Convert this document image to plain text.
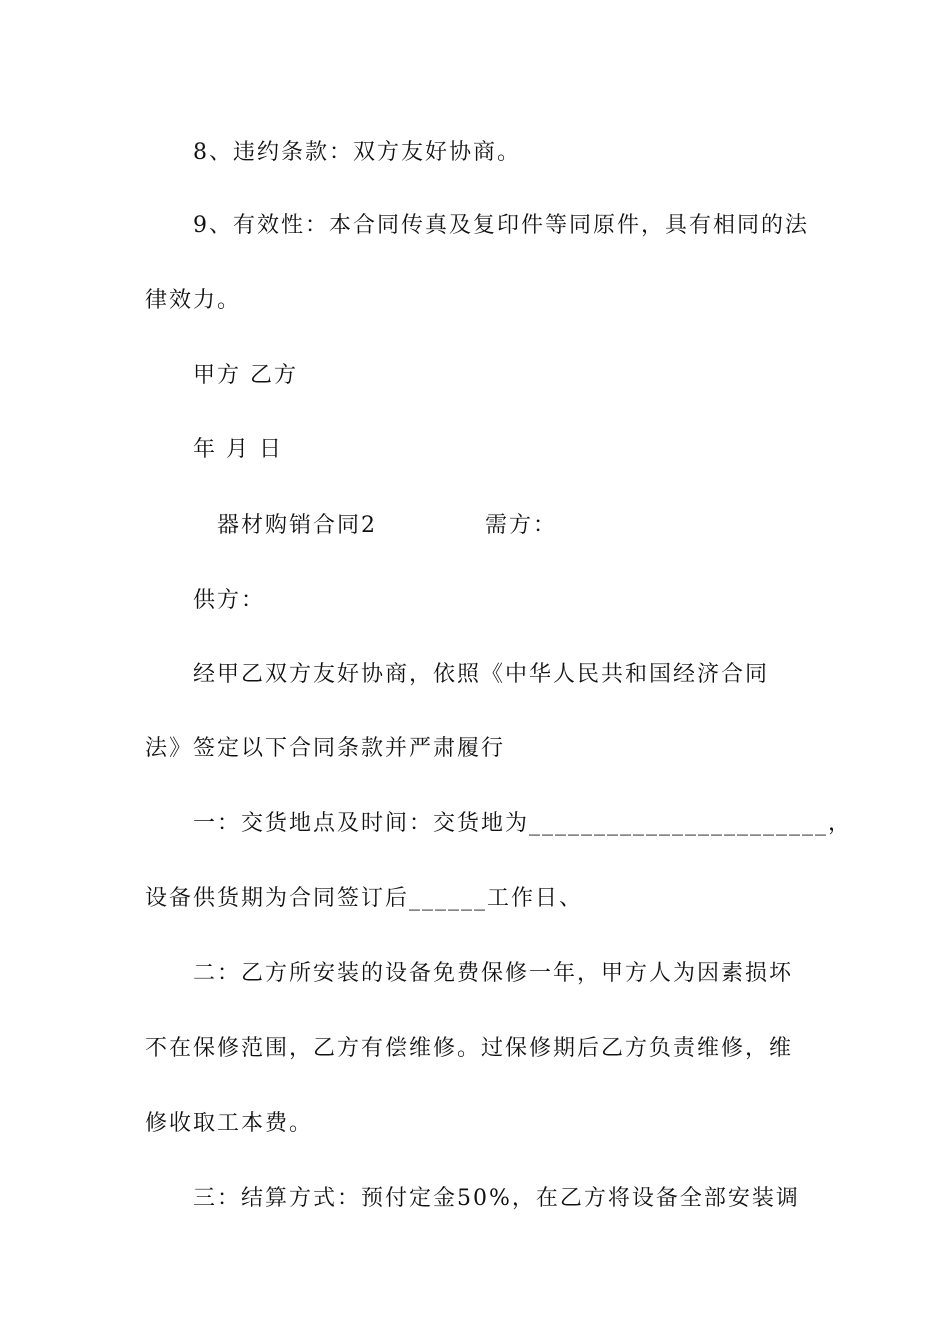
8、违约条款：双方友好协商。
9、有效性：本合同传真及复印件等同原件，具有相同的法
律效力。
甲方 乙方
年 月 日
器材购销合同2	需方：
供方：
经甲乙双方友好协商，依照《中华人民共和国经济合同
法》签定以下合同条款并严肃履行
一：交货地点及时间：交货地为_______________________，
设备供货期为合同签订后______工作日、
二：乙方所安装的设备免费保修一年，甲方人为因素损坏
不在保修范围，乙方有偿维修。过保修期后乙方负责维修，维
修收取工本费。
三：结算方式：预付定金50%，在乙方将设备全部安装调
